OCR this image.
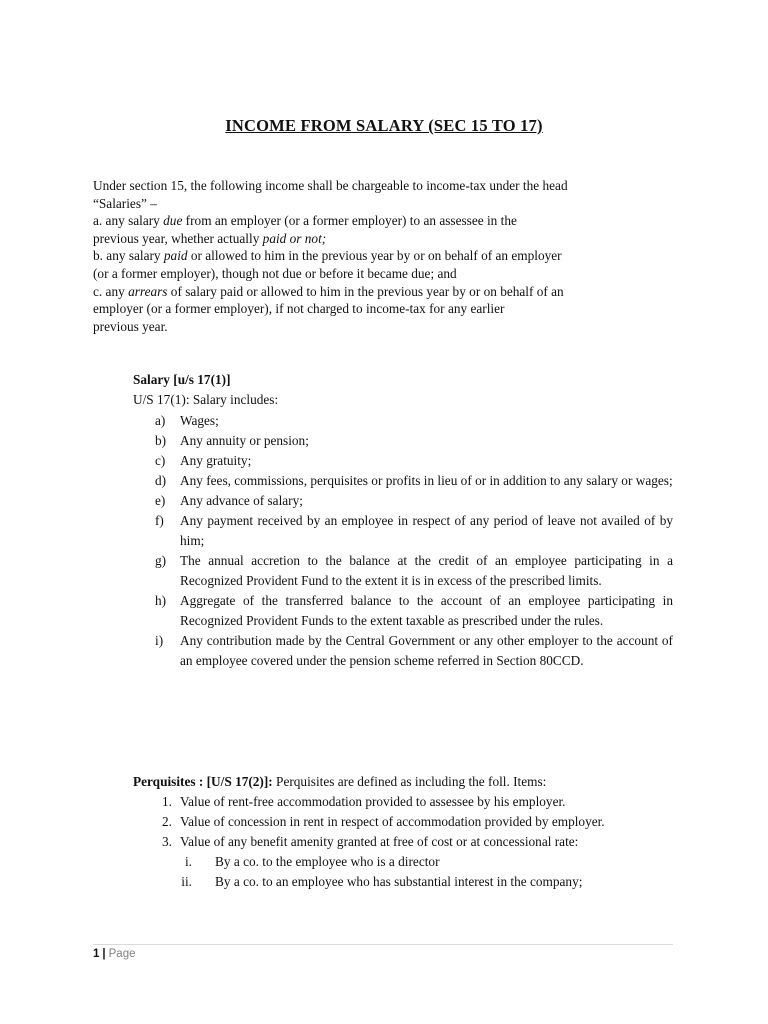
INCOME FROM SALARY (SEC 15 TO 17)
Under section 15, the following income shall be chargeable to income-tax under the head
“Salaries” –
a. any salary due from an employer (or a former employer) to an assessee in the
previous year, whether actually paid or not;
b. any salary paid or allowed to him in the previous year by or on behalf of an employer
(or a former employer), though not due or before it became due; and
c. any arrears of salary paid or allowed to him in the previous year by or on behalf of an
employer (or a former employer), if not charged to income-tax for any earlier
previous year.
Salary [u/s 17(1)]
U/S 17(1): Salary includes:
a)	Wages;
b)	Any annuity or pension;
c)	Any gratuity;
d)	Any fees, commissions, perquisites or profits in lieu of or in addition to any salary or wages;
e)	Any advance of salary;
f)	Any payment received by an employee in respect of any period of leave not availed of by him;
g)	The annual accretion to the balance at the credit of an employee participating in a Recognized Provident Fund to the extent it is in excess of the prescribed limits.
h)	Aggregate of the transferred balance to the account of an employee participating in Recognized Provident Funds to the extent taxable as prescribed under the rules.
i)	Any contribution made by the Central Government or any other employer to the account of an employee covered under the pension scheme referred in Section 80CCD.
Perquisites : [U/S 17(2)]: Perquisites are defined as including the foll. Items:
1. Value of rent-free accommodation provided to assessee by his employer.
2. Value of concession in rent in respect of accommodation provided by employer.
3. Value of any benefit amenity granted at free of cost or at concessional rate:
i.	By a co. to the employee who is a director
ii.	By a co. to an employee who has substantial interest in the company;
1 | Page
